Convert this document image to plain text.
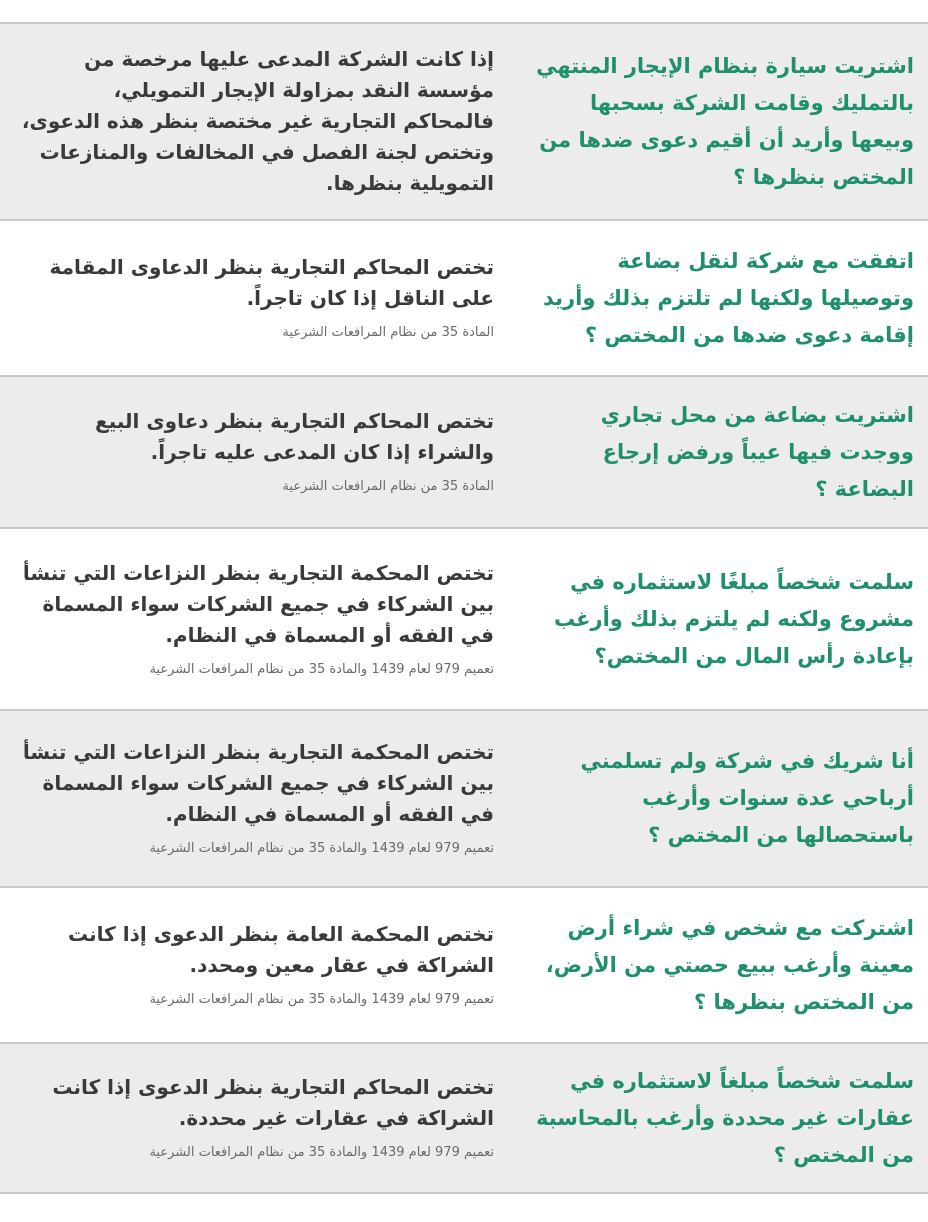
اشتريت سيارة بنظام الإيجار المنتهي بالتمليك وقامت الشركة بسحبها وبيعها وأريد أن أقيم دعوى ضدها من المختص بنظرها ؟
إذا كانت الشركة المدعى عليها مرخصة من مؤسسة النقد بمزاولة الإيجار التمويلي، فالمحاكم التجارية غير مختصة بنظر هذه الدعوى، وتختص لجنة الفصل في المخالفات والمنازعات التمويلية بنظرها.
اتفقت مع شركة لنقل بضاعة وتوصيلها ولكنها لم تلتزم بذلك وأريد إقامة دعوى ضدها من المختص ؟
تختص المحاكم التجارية بنظر الدعاوى المقامة على الناقل إذا كان تاجراً.
المادة 35 من نظام المرافعات الشرعية
اشتريت بضاعة من محل تجاري ووجدت فيها عيباً ورفض إرجاع البضاعة ؟
تختص المحاكم التجارية بنظر دعاوى البيع والشراء إذا كان المدعى عليه تاجراً.
المادة 35 من نظام المرافعات الشرعية
سلمت شخصاً مبلغًا لاستثماره في مشروع ولكنه لم يلتزم بذلك وأرغب بإعادة رأس المال من المختص؟
تختص المحكمة التجارية بنظر النزاعات التي تنشأ بين الشركاء في جميع الشركات سواء المسماة في الفقه أو المسماة في النظام.
تعميم 979 لعام 1439 والمادة 35 من نظام المرافعات الشرعية
أنا شريك في شركة ولم تسلمني أرباحي عدة سنوات وأرغب باستحصالها من المختص ؟
تختص المحكمة التجارية بنظر النزاعات التي تنشأ بين الشركاء في جميع الشركات سواء المسماة في الفقه أو المسماة في النظام.
تعميم 979 لعام 1439 والمادة 35 من نظام المرافعات الشرعية
اشتركت مع شخص في شراء أرض معينة وأرغب ببيع حصتي من الأرض، من المختص بنظرها ؟
تختص المحكمة العامة بنظر الدعوى إذا كانت الشراكة في عقار معين ومحدد.
تعميم 979 لعام 1439 والمادة 35 من نظام المرافعات الشرعية
سلمت شخصاً مبلغاً لاستثماره في عقارات غير محددة وأرغب بالمحاسبة من المختص ؟
تختص المحاكم التجارية بنظر الدعوى إذا كانت الشراكة في عقارات غير محددة.
تعميم 979 لعام 1439 والمادة 35 من نظام المرافعات الشرعية
